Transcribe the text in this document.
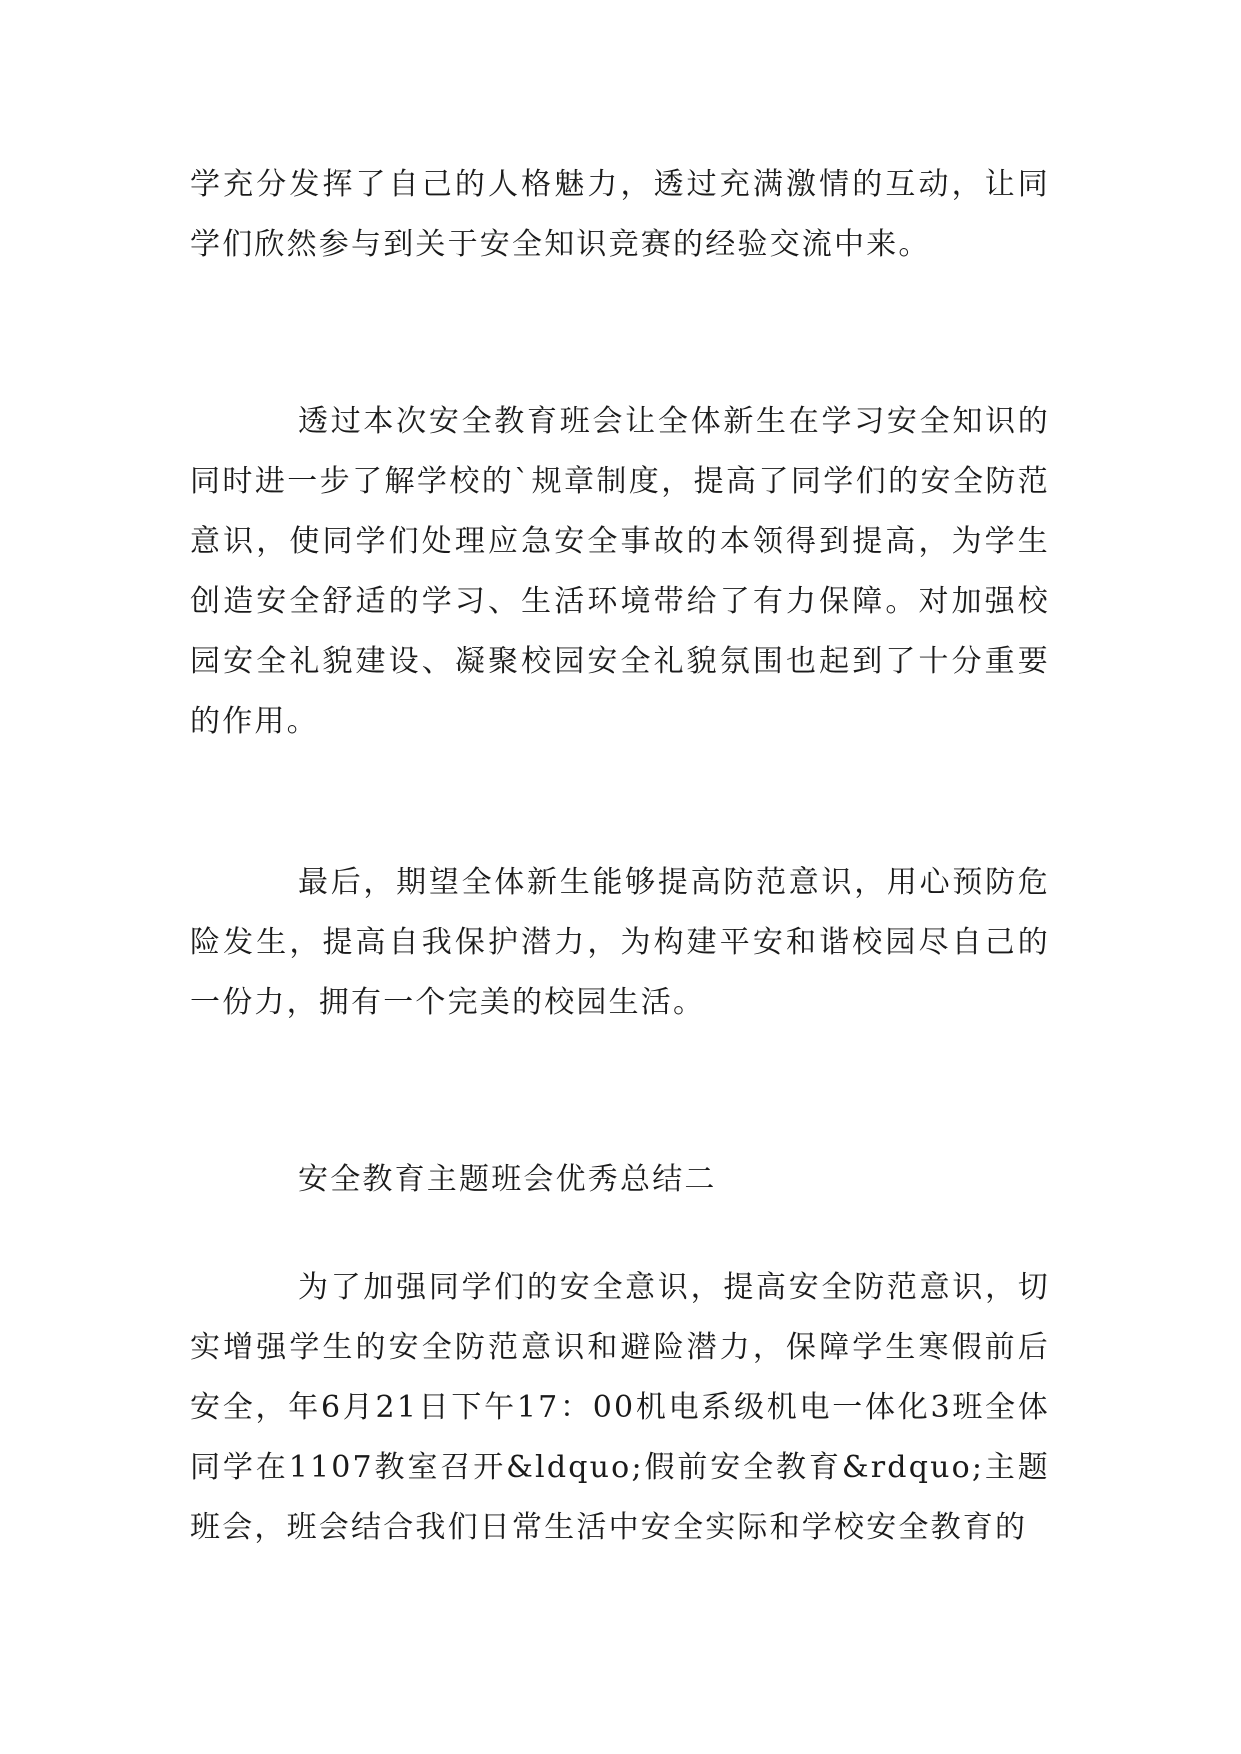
学充分发挥了自己的人格魅力，透过充满激情的互动，让同学们欣然参与到关于安全知识竞赛的经验交流中来。

透过本次安全教育班会让全体新生在学习安全知识的同时进一步了解学校的`规章制度，提高了同学们的安全防范意识，使同学们处理应急安全事故的本领得到提高，为学生创造安全舒适的学习、生活环境带给了有力保障。对加强校园安全礼貌建设、凝聚校园安全礼貌氛围也起到了十分重要的作用。

最后，期望全体新生能够提高防范意识，用心预防危险发生，提高自我保护潜力，为构建平安和谐校园尽自己的一份力，拥有一个完美的校园生活。

安全教育主题班会优秀总结二

为了加强同学们的安全意识，提高安全防范意识，切实增强学生的安全防范意识和避险潜力，保障学生寒假前后安全，年6月21日下午17：00机电系级机电一体化3班全体同学在1107教室召开&ldquo;假前安全教育&rdquo;主题班会，班会结合我们日常生活中安全实际和学校安全教育的
